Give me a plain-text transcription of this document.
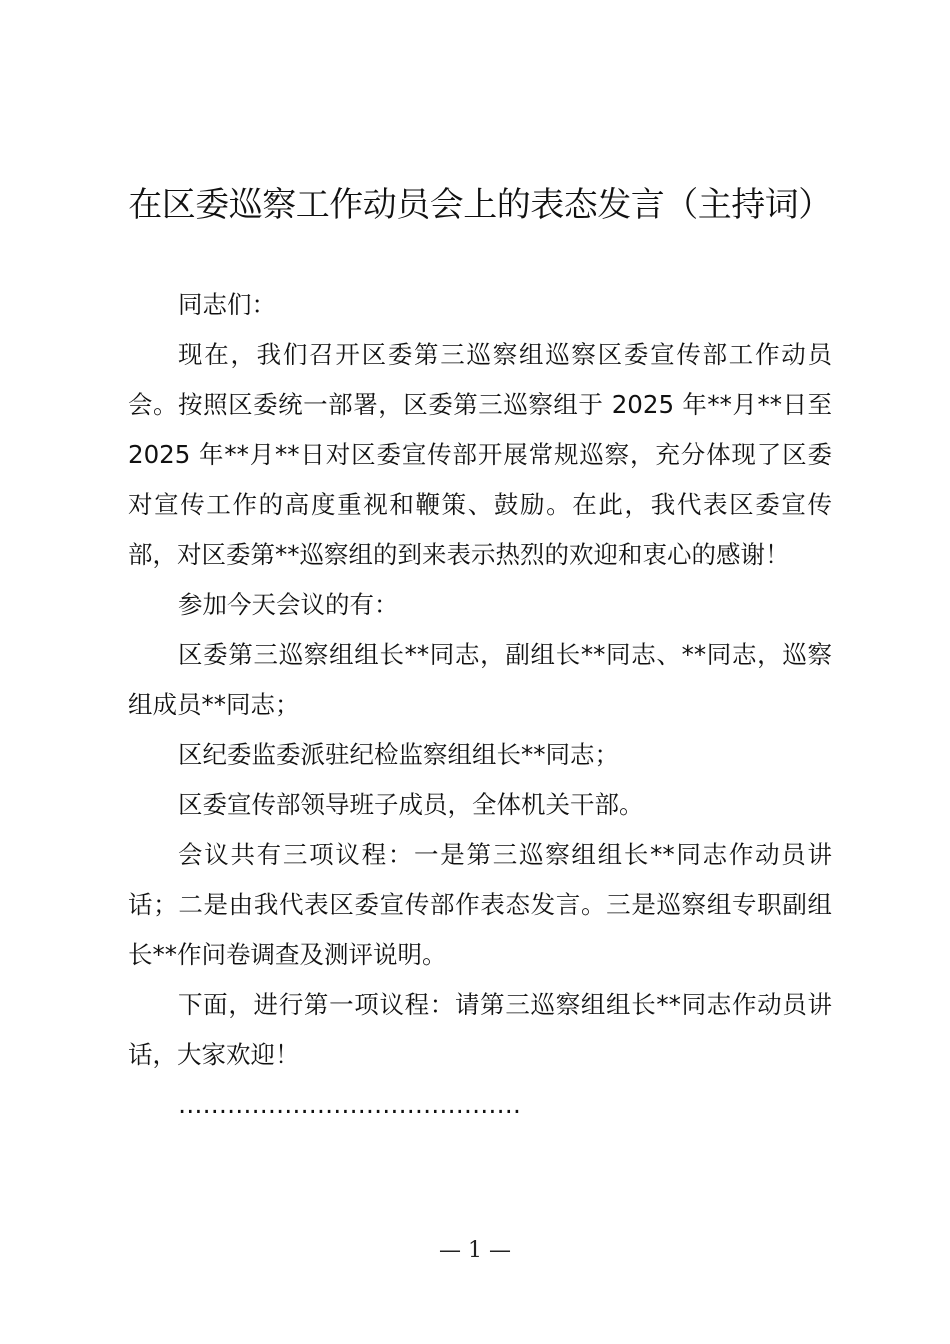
在区委巡察工作动员会上的表态发言（主持词）

同志们：

现在，我们召开区委第三巡察组巡察区委宣传部工作动员会。按照区委统一部署，区委第三巡察组于 2025 年**月**日至 2025 年**月**日对区委宣传部开展常规巡察，充分体现了区委对宣传工作的高度重视和鞭策、鼓励。在此，我代表区委宣传部，对区委第**巡察组的到来表示热烈的欢迎和衷心的感谢！

参加今天会议的有：

区委第三巡察组组长**同志，副组长**同志、**同志，巡察组成员**同志；

区纪委监委派驻纪检监察组组长**同志；

区委宣传部领导班子成员，全体机关干部。

会议共有三项议程：一是第三巡察组组长**同志作动员讲话；二是由我代表区委宣传部作表态发言。三是巡察组专职副组长**作问卷调查及测评说明。

下面，进行第一项议程：请第三巡察组组长**同志作动员讲话，大家欢迎！

……………………………………

— 1 —
